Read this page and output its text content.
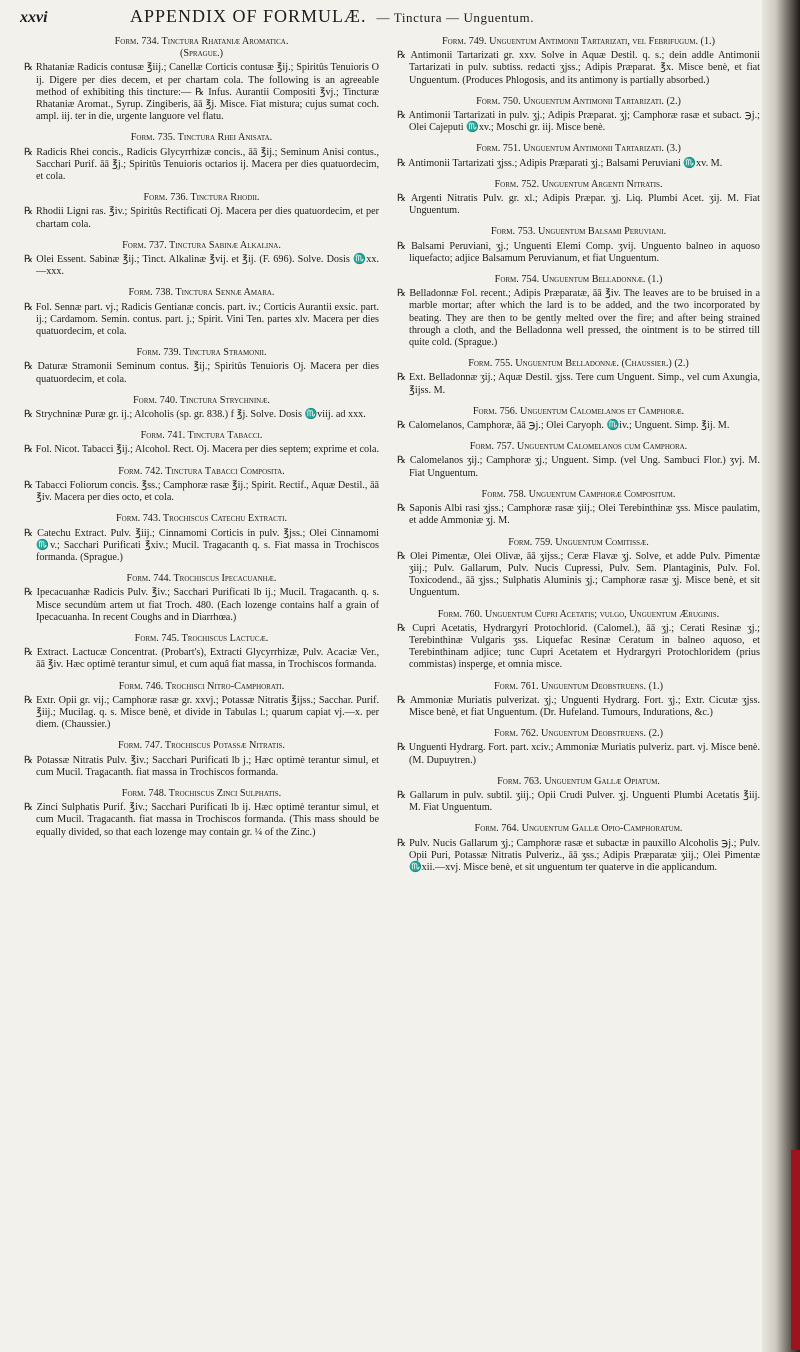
xxvi	APPENDIX OF FORMULÆ. — Tinctura — Unguentum.
Form. 734. Tinctura Rhataniæ Aromatica.
(Sprague.)
℞ Rhataniæ Radicis contusæ ℥iij.; Canellæ Corticis contusæ ℥ij.; Spiritûs Tenuioris O ij. Digere per dies decem, et per chartam cola. The following is an agreeable method of exhibiting this tincture:— ℞ Infus. Aurantii Compositi ℥vj.; Tincturæ Rhataniæ Aromat., Syrup. Zingiberis, āā ℥j. Misce. Fiat mistura; cujus sumat coch. ampl. iij. ter in die, urgente languore vel flatu.
Form. 735. Tinctura Rhei Anisata.
℞ Radicis Rhei concis., Radicis Glycyrrhizæ concis., āā ℥ij.; Seminum Anisi contus., Sacchari Purif. āā ℥j.; Spiritûs Tenuioris octarios ij. Macera per dies quatuordecim, et cola.
Form. 736. Tinctura Rhodii.
℞ Rhodii Ligni ras. ℥iv.; Spiritûs Rectificati Oj. Macera per dies quatuordecim, et per chartam cola.
Form. 737. Tinctura Sabinæ Alkalina.
℞ Olei Essent. Sabinæ ℥ij.; Tinct. Alkalinæ ℥vij. et ℥ij. (F. 696). Solve. Dosis ♏xx.—xxx.
Form. 738. Tinctura Sennæ Amara.
℞ Fol. Sennæ part. vj.; Radicis Gentianæ concis. part. iv.; Corticis Aurantii exsic. part. ij.; Cardamom. Semin. contus. part. j.; Spirit. Vini Ten. partes xlv. Macera per dies quatuordecim, et cola.
Form. 739. Tinctura Stramonii.
℞ Daturæ Stramonii Seminum contus. ℥ij.; Spiritûs Tenuioris Oj. Macera per dies quatuordecim, et cola.
Form. 740. Tinctura Strychninæ.
℞ Strychninæ Puræ gr. ij.; Alcoholis (sp. gr. 838.) f ℥j. Solve. Dosis ♏viij. ad xxx.
Form. 741. Tinctura Tabacci.
℞ Fol. Nicot. Tabacci ℥ij.; Alcohol. Rect. Oj. Macera per dies septem; exprime et cola.
Form. 742. Tinctura Tabacci Composita.
℞ Tabacci Foliorum concis. ℥ss.; Camphoræ rasæ ℥ij.; Spirit. Rectif., Aquæ Destil., āā ℥iv. Macera per dies octo, et cola.
Form. 743. Trochiscus Catechu Extracti.
℞ Catechu Extract. Pulv. ℥iij.; Cinnamomi Corticis in pulv. ℥jss.; Olei Cinnamomi ♏v.; Sacchari Purificati ℥xiv.; Mucil. Tragacanth q. s. Fiat massa in Trochiscos formanda. (Sprague.)
Form. 744. Trochiscus Ipecacuanhæ.
℞ Ipecacuanhæ Radicis Pulv. ℥iv.; Sacchari Purificati lb ij.; Mucil. Tragacanth. q. s. Misce secundùm artem ut fiat Troch. 480. (Each lozenge contains half a grain of Ipecacuanha. In recent Coughs and in Diarrhœa.)
Form. 745. Trochiscus Lactucæ.
℞ Extract. Lactucæ Concentrat. (Probart's), Extracti Glycyrrhizæ, Pulv. Acaciæ Ver., āā ℥iv. Hæc optimè terantur simul, et cum aquâ fiat massa, in Trochiscos formanda.
Form. 746. Trochisci Nitro-Camphorati.
℞ Extr. Opii gr. vij.; Camphoræ rasæ gr. xxvj.; Potassæ Nitratis ℥ijss.; Sacchar. Purif. ℥iij.; Mucilag. q. s. Misce benè, et divide in Tabulas l.; quarum capiat vj.—x. per diem. (Chaussier.)
Form. 747. Trochiscus Potassæ Nitratis.
℞ Potassæ Nitratis Pulv. ℥iv.; Sacchari Purificati lb j.; Hæc optimè terantur simul, et cum Mucil. Tragacanth. fiat massa in Trochiscos formanda.
Form. 748. Trochiscus Zinci Sulphatis.
℞ Zinci Sulphatis Purif. ℥iv.; Sacchari Purificati lb ij. Hæc optimè terantur simul, et cum Mucil. Tragacanth. fiat massa in Trochiscos formanda. (This mass should be equally divided, so that each lozenge may contain gr. ¼ of the Zinc.)
Form. 749. Unguentum Antimonii Tartarizati, vel Febrifugum. (1.)
℞ Antimonii Tartarizati gr. xxv. Solve in Aquæ Destil. q. s.; dein addle Antimonii Tartarizati in pulv. subtiss. redacti ʒjss.; Adipis Præparat. ℥x. Misce benè, et fiat Unguentum. (Produces Phlogosis, and its antimony is partially absorbed.)
Form. 750. Unguentum Antimonii Tartarizati. (2.)
℞ Antimonii Tartarizati in pulv. ʒj.; Adipis Præparat. ʒj; Camphoræ rasæ et subact. ℈j.; Olei Cajeputi ♏xv.; Moschi gr. iij. Misce benè.
Form. 751. Unguentum Antimonii Tartarizati. (3.)
℞ Antimonii Tartarizati ʒjss.; Adipis Præparati ʒj.; Balsami Peruviani ♏xv. M.
Form. 752. Unguentum Argenti Nitratis.
℞ Argenti Nitratis Pulv. gr. xl.; Adipis Præpar. ʒj. Liq. Plumbi Acet. ʒij. M. Fiat Unguentum.
Form. 753. Unguentum Balsami Peruviani.
℞ Balsami Peruviani, ʒj.; Unguenti Elemi Comp. ʒvij. Unguento balneo in aquoso liquefacto; adjice Balsamum Peruvianum, et fiat Unguentum.
Form. 754. Unguentum Belladonnæ. (1.)
℞ Belladonnæ Fol. recent.; Adipis Præparatæ, āā ℥iv. The leaves are to be bruised in a marble mortar; after which the lard is to be added, and the two incorporated by beating. They are then to be gently melted over the fire; and after being strained through a cloth, and the Belladonna well pressed, the ointment is to be stirred till quite cold. (Sprague.)
Form. 755. Unguentum Belladonnæ. (Chaussier.) (2.)
℞ Ext. Belladonnæ ʒij.; Aquæ Destil. ʒjss. Tere cum Unguent. Simp., vel cum Axungia, ℥ijss. M.
Form. 756. Unguentum Calomelanos et Camphoræ.
℞ Calomelanos, Camphoræ, āā ℈j.; Olei Caryoph. ♏iv.; Unguent. Simp. ℥ij. M.
Form. 757. Unguentum Calomelanos cum Camphora.
℞ Calomelanos ʒij.; Camphoræ ʒj.; Unguent. Simp. (vel Ung. Sambuci Flor.) ʒvj. M. Fiat Unguentum.
Form. 758. Unguentum Camphoræ Compositum.
℞ Saponis Albi rasi ʒjss.; Camphoræ rasæ ʒiij.; Olei Terebinthinæ ʒss. Misce paulatim, et adde Ammoniæ ʒj. M.
Form. 759. Unguentum Comitissæ.
℞ Olei Pimentæ, Olei Olivæ, āā ʒijss.; Ceræ Flavæ ʒj. Solve, et adde Pulv. Pimentæ ʒiij.; Pulv. Gallarum, Pulv. Nucis Cupressi, Pulv. Sem. Plantaginis, Pulv. Fol. Toxicodend., āā ʒjss.; Sulphatis Aluminis ʒj.; Camphoræ rasæ ʒj. Misce benè, et sit Unguentum.
Form. 760. Unguentum Cupri Acetatis; vulgo, Unguentum Æruginis.
℞ Cupri Acetatis, Hydrargyri Protochlorid. (Calomel.), āā ʒj.; Cerati Resinæ ʒj.; Terebinthinæ Vulgaris ʒss. Liquefac Resinæ Ceratum in balneo aquoso, et Terebinthinam adjice; tunc Cupri Acetatem et Hydrargyri Protochloridem (prius commistas) insperge, et omnia misce.
Form. 761. Unguentum Deobstruens. (1.)
℞ Ammoniæ Muriatis pulverizat. ʒj.; Unguenti Hydrarg. Fort. ʒj.; Extr. Cicutæ ʒjss. Misce benè, et fiat Unguentum. (Dr. Hufeland. Tumours, Indurations, &c.)
Form. 762. Unguentum Deobstruens. (2.)
℞ Unguenti Hydrarg. Fort. part. xciv.; Ammoniæ Muriatis pulveriz. part. vj. Misce benè. (M. Dupuytren.)
Form. 763. Unguentum Gallæ Opiatum.
℞ Gallarum in pulv. subtil. ʒiij.; Opii Crudi Pulver. ʒj. Unguenti Plumbi Acetatis ℥iij. M. Fiat Unguentum.
Form. 764. Unguentum Gallæ Opio-Camphoratum.
℞ Pulv. Nucis Gallarum ʒj.; Camphoræ rasæ et subactæ in pauxillo Alcoholis ℈j.; Pulv. Opii Puri, Potassæ Nitratis Pulveriz., āā ʒss.; Adipis Præparatæ ʒiij.; Olei Pimentæ ♏xii.—xvj. Misce benè, et sit unguentum ter quaterve in die applicandum.
